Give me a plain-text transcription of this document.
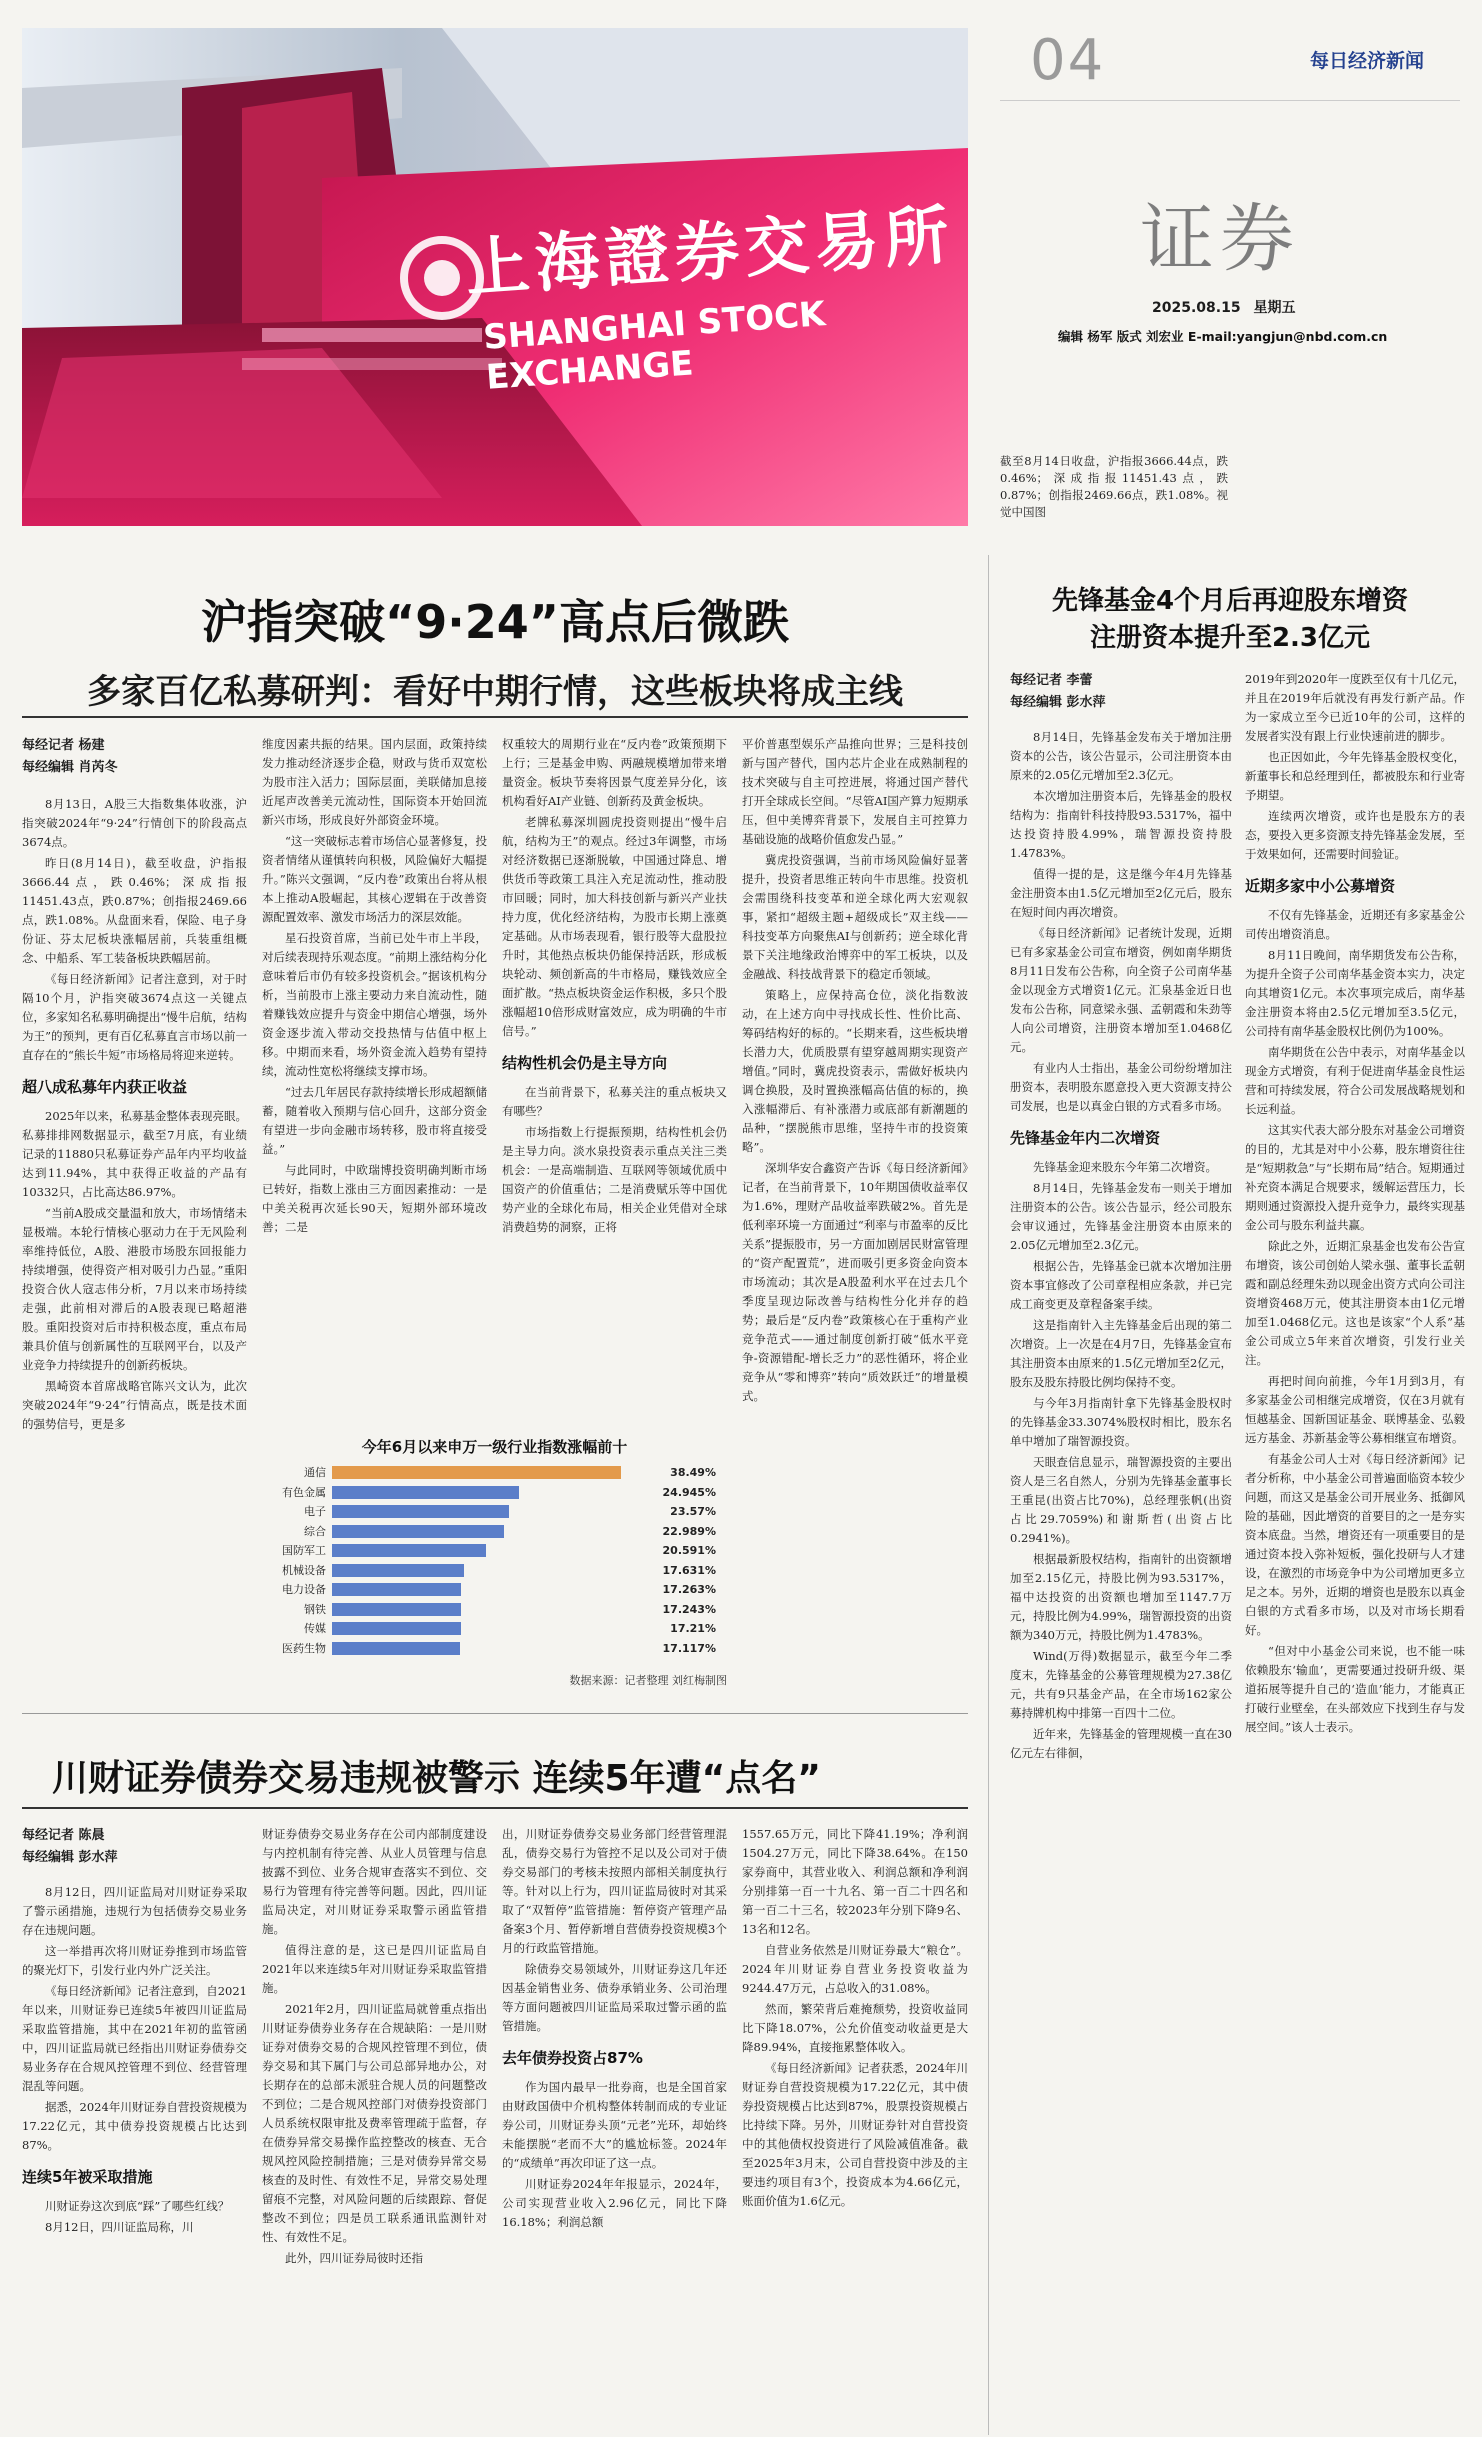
04	每日经济新闻
证券
2025.08.15 星期五
编辑 杨军 版式 刘宏业 E-mail:yangjun@nbd.com.cn
上海證券交易所
SHANGHAI STOCK EXCHANGE
截至8月14日收盘，沪指报3666.44点，跌0.46%；深成指报11451.43点，跌0.87%；创指报2469.66点，跌1.08%。视觉中国图
沪指突破“9·24”高点后微跌
多家百亿私募研判：看好中期行情，这些板块将成主线
每经记者 杨建
每经编辑 肖芮冬

8月13日，A股三大指数集体收涨，沪指突破2024年“9·24”行情创下的阶段高点3674点。

昨日(8月14日)，截至收盘，沪指报3666.44点，跌0.46%；深成指报11451.43点，跌0.87%；创指报2469.66点，跌1.08%。从盘面来看，保险、电子身份证、芬太尼板块涨幅居前，兵装重组概念、中船系、军工装备板块跌幅居前。

《每日经济新闻》记者注意到，对于时隔10个月，沪指突破3674点这一关键点位，多家知名私募明确提出“慢牛启航，结构为王”的预判，更有百亿私募直言市场以前一直存在的“熊长牛短”市场格局将迎来逆转。

超八成私募年内获正收益

2025年以来，私募基金整体表现亮眼。私募排排网数据显示，截至7月底，有业绩记录的11880只私募证券产品年内平均收益达到11.94%，其中获得正收益的产品有10332只，占比高达86.97%。

“当前A股成交量温和放大，市场情绪未显极端。本轮行情核心驱动力在于无风险利率维持低位，A股、港股市场股东回报能力持续增强，使得资产相对吸引力凸显。”重阳投资合伙人寇志伟分析，7月以来市场持续走强，此前相对滞后的A股表现已略超港股。重阳投资对后市持积极态度，重点布局兼具价值与创新属性的互联网平台，以及产业竞争力持续提升的创新药板块。

黑崎资本首席战略官陈兴文认为，此次突破2024年“9·24”行情高点，既是技术面的强势信号，更是多

维度因素共振的结果。国内层面，政策持续发力推动经济逐步企稳，财政与货币双宽松为股市注入活力；国际层面，美联储加息接近尾声改善美元流动性，国际资本开始回流新兴市场，形成良好外部资金环境。

“这一突破标志着市场信心显著修复，投资者情绪从谨慎转向积极，风险偏好大幅提升。”陈兴文强调，“反内卷”政策出台将从根本上推动A股崛起，其核心逻辑在于改善资源配置效率、激发市场活力的深层效能。

星石投资首席，当前已处牛市上半段，对后续表现持乐观态度。“前期上涨结构分化意味着后市仍有较多投资机会。”据该机构分析，当前股市上涨主要动力来自流动性，随着赚钱效应提升与资金中期信心增强，场外资金逐步流入带动交投热情与估值中枢上移。中期而来看，场外资金流入趋势有望持续，流动性宽松将继续支撑市场。

“过去几年居民存款持续增长形成超额储蓄，随着收入预期与信心回升，这部分资金有望进一步向金融市场转移，股市将直接受益。”

与此同时，中欧瑞博投资明确判断市场已转好，指数上涨由三方面因素推动：一是中美关税再次延长90天，短期外部环境改善；二是

权重较大的周期行业在“反内卷”政策预期下上行；三是基金申购、两融规模增加带来增量资金。板块节奏将因景气度差异分化，该机构看好AI产业链、创新药及黄金板块。

老牌私募深圳圆虎投资则提出“慢牛启航，结构为王”的观点。经过3年调整，市场对经济数据已逐渐脱敏，中国通过降息、增供货币等政策工具注入充足流动性，推动股市回暖；同时，加大科技创新与新兴产业扶持力度，优化经济结构，为股市长期上涨奠定基础。从市场表现看，银行股等大盘股拉升时，其他热点板块仍能保持活跃，形成板块轮动、频创新高的牛市格局，赚钱效应全面扩散。“热点板块资金运作积极，多只个股涨幅超10倍形成财富效应，成为明确的牛市信号。”

结构性机会仍是主导方向

在当前背景下，私募关注的重点板块又有哪些？

市场指数上行提振预期，结构性机会仍是主导力向。淡水泉投资表示重点关注三类机会：一是高端制造、互联网等领域优质中国资产的价值重估；二是消费赋乐等中国优势产业的全球化布局，相关企业凭借对全球消费趋势的洞察，正将

平价普惠型娱乐产品推向世界；三是科技创新与国产替代，国内芯片企业在成熟制程的技术突破与自主可控进展，将通过国产替代打开全球成长空间。“尽管AI国产算力短期承压，但中美博弈背景下，发展自主可控算力基础设施的战略价值愈发凸显。”

冀虎投资强调，当前市场风险偏好显著提升，投资者思维正转向牛市思维。投资机会需围绕科技变革和逆全球化两大宏观叙事，紧扣“超级主题+超级成长”双主线——科技变革方向聚焦AI与创新药；逆全球化背景下关注地缘政治博弈中的军工板块，以及金融战、科技战背景下的稳定币领域。

策略上，应保持高仓位，淡化指数波动，在上述方向中寻找成长性、性价比高、筹码结构好的标的。“长期来看，这些板块增长潜力大，优质股票有望穿越周期实现资产增值。”同时，冀虎投资表示，需做好板块内调仓换股，及时置换涨幅高估值的标的，换入涨幅滞后、有补涨潜力或底部有新潮题的品种，“摆脱熊市思维，坚持牛市的投资策略”。

深圳华安合鑫资产告诉《每日经济新闻》记者，在当前背景下，10年期国债收益率仅为1.6%，理财产品收益率跌破2%。首先是低利率环境一方面通过“利率与市盈率的反比关系”提振股市，另一方面加剧居民财富管理的“资产配置荒”，进而吸引更多资金向资本市场流动；其次是A股盈利水平在过去几个季度呈现边际改善与结构性分化并存的趋势；最后是“反内卷”政策核心在于重构产业竞争范式——通过制度创新打破“低水平竞争-资源错配-增长乏力”的恶性循环，将企业竞争从“零和博弈”转向“质效跃迁”的增量模式。

今年6月以来申万一级行业指数涨幅前十
通信	38.49%
有色金属	24.945%
电子	23.57%
综合	22.989%
国防军工	20.591%
机械设备	17.631%
电力设备	17.263%
钢铁	17.243%
传媒	17.21%
医药生物	17.117%
数据来源：记者整理 刘红梅制图
先锋基金4个月后再迎股东增资
注册资本提升至2.3亿元
每经记者 李蕾
每经编辑 彭水萍

8月14日，先锋基金发布关于增加注册资本的公告，该公告显示，公司注册资本由原来的2.05亿元增加至2.3亿元。

本次增加注册资本后，先锋基金的股权结构为：指南针科技持股93.5317%，福中达投资持股4.99%，瑞智源投资持股1.4783%。

值得一提的是，这是继今年4月先锋基金注册资本由1.5亿元增加至2亿元后，股东在短时间内再次增资。

《每日经济新闻》记者统计发现，近期已有多家基金公司宣布增资，例如南华期货8月11日发布公告称，向全资子公司南华基金以现金方式增资1亿元。汇泉基金近日也发布公告称，同意梁永强、孟朝霞和朱劲等人向公司增资，注册资本增加至1.0468亿元。

有业内人士指出，基金公司纷纷增加注册资本，表明股东愿意投入更大资源支持公司发展，也是以真金白银的方式看多市场。

先锋基金年内二次增资

先锋基金迎来股东今年第二次增资。

8月14日，先锋基金发布一则关于增加注册资本的公告。该公告显示，经公司股东会审议通过，先锋基金注册资本由原来的2.05亿元增加至2.3亿元。

根据公告，先锋基金已就本次增加注册资本事宜修改了公司章程相应条款，并已完成工商变更及章程备案手续。

这是指南针入主先锋基金后出现的第二次增资。上一次是在4月7日，先锋基金宣布其注册资本由原来的1.5亿元增加至2亿元，股东及股东持股比例均保持不变。

与今年3月指南针拿下先锋基金股权时的先锋基金33.3074%股权时相比，股东名单中增加了瑞智源投资。

天眼查信息显示，瑞智源投资的主要出资人是三名自然人，分别为先锋基金董事长王重昆(出资占比70%)，总经理张帆(出资占比29.7059%)和谢斯哲(出资占比0.2941%)。

根据最新股权结构，指南针的出资额增加至2.15亿元，持股比例为93.5317%，福中达投资的出资额也增加至1147.7万元，持股比例为4.99%，瑞智源投资的出资额为340万元，持股比例为1.4783%。

Wind(万得)数据显示，截至今年二季度末，先锋基金的公募管理规模为27.38亿元，共有9只基金产品，在全市场162家公募持牌机构中排第一百四十二位。

近年来，先锋基金的管理规模一直在30亿元左右徘徊，

2019年到2020年一度跌至仅有十几亿元，并且在2019年后就没有再发行新产品。作为一家成立至今已近10年的公司，这样的发展者实没有跟上行业快速前进的脚步。

也正因如此，今年先锋基金股权变化，新董事长和总经理到任，都被股东和行业寄予期望。

连续两次增资，或许也是股东方的表态，要投入更多资源支持先锋基金发展，至于效果如何，还需要时间验证。

近期多家中小公募增资

不仅有先锋基金，近期还有多家基金公司传出增资消息。

8月11日晚间，南华期货发布公告称，为提升全资子公司南华基金资本实力，决定向其增资1亿元。本次事项完成后，南华基金注册资本将由2.5亿元增加至3.5亿元，公司持有南华基金股权比例仍为100%。

南华期货在公告中表示，对南华基金以现金方式增资，有利于促进南华基金良性运营和可持续发展，符合公司发展战略规划和长远利益。

这其实代表大部分股东对基金公司增资的目的，尤其是对中小公募，股东增资往往是“短期救急”与“长期布局”结合。短期通过补充资本满足合规要求，缓解运营压力，长期则通过资源投入提升竞争力，最终实现基金公司与股东利益共赢。

除此之外，近期汇泉基金也发布公告宣布增资，该公司创始人梁永强、董事长孟朝霞和副总经理朱劲以现金出资方式向公司注资增资468万元，使其注册资本由1亿元增加至1.0468亿元。这也是该家“个人系”基金公司成立5年来首次增资，引发行业关注。

再把时间向前推，今年1月到3月，有多家基金公司相继完成增资，仅在3月就有恒越基金、国新国证基金、联博基金、弘毅远方基金、苏新基金等公募相继宣布增资。

有基金公司人士对《每日经济新闻》记者分析称，中小基金公司普遍面临资本较少问题，而这又是基金公司开展业务、抵御风险的基础，因此增资的首要目的之一是夯实资本底盘。当然，增资还有一项重要目的是通过资本投入弥补短板，强化投研与人才建设，在激烈的市场竞争中为公司增加更多立足之本。另外，近期的增资也是股东以真金白银的方式看多市场，以及对市场长期看好。

“但对中小基金公司来说，也不能一味依赖股东‘输血’，更需要通过投研升级、渠道拓展等提升自己的‘造血’能力，才能真正打破行业壁垒，在头部效应下找到生存与发展空间。”该人士表示。

川财证券债券交易违规被警示 连续5年遭“点名”
每经记者 陈晨
每经编辑 彭水萍

8月12日，四川证监局对川财证券采取了警示函措施，违规行为包括债券交易业务存在违规问题。

这一举措再次将川财证券推到市场监管的聚光灯下，引发行业内外广泛关注。

《每日经济新闻》记者注意到，自2021年以来，川财证券已连续5年被四川证监局采取监管措施，其中在2021年初的监管函中，四川证监局就已经指出川财证券债券交易业务存在合规风控管理不到位、经营管理混乱等问题。

据悉，2024年川财证券自营投资规模为17.22亿元，其中债券投资规模占比达到87%。

连续5年被采取措施

川财证券这次到底“踩”了哪些红线？

8月12日，四川证监局称，川

财证券债券交易业务存在公司内部制度建设与内控机制有待完善、从业人员管理与信息披露不到位、业务合规审查落实不到位、交易行为管理有待完善等问题。因此，四川证监局决定，对川财证券采取警示函监管措施。

值得注意的是，这已是四川证监局自2021年以来连续5年对川财证券采取监管措施。

2021年2月，四川证监局就曾重点指出川财证券债券业务存在合规缺陷：一是川财证券对债券交易的合规风控管理不到位，债券交易和其下属门与公司总部异地办公，对长期存在的总部未派驻合规人员的问题整改不到位；二是合规风控部门对债券投资部门人员系统权限审批及费率管理疏于监督，存在债券异常交易操作监控整改的核查、无合规风控风险控制措施；三是对债券异常交易核查的及时性、有效性不足，异常交易处理留痕不完整，对风险问题的后续跟踪、督促整改不到位；四是员工联系通讯监测针对性、有效性不足。

此外，四川证券局彼时还指

出，川财证券债券交易业务部门经营管理混乱，债券交易行为管控不足以及公司对于债券交易部门的考核未按照内部相关制度执行等。针对以上行为，四川证监局彼时对其采取了“双暂停”监管措施：暂停资产管理产品备案3个月、暂停新增自营债券投资规模3个月的行政监管措施。

除债券交易领域外，川财证券这几年还因基金销售业务、债券承销业务、公司治理等方面问题被四川证监局采取过警示函的监管措施。

去年债券投资占87%

作为国内最早一批券商，也是全国首家由财政国债中介机构整体转制而成的专业证券公司，川财证券头顶“元老”光环，却始终未能摆脱“老而不大”的尴尬标签。2024年的“成绩单”再次印证了这一点。

川财证券2024年年报显示，2024年，公司实现营业收入2.96亿元，同比下降16.18%；利润总额

1557.65万元，同比下降41.19%；净利润1504.27万元，同比下降38.64%。在150家券商中，其营业收入、利润总额和净利润分别排第一百一十九名、第一百二十四名和第一百二十三名，较2023年分别下降9名、13名和12名。

自营业务依然是川财证券最大“粮仓”。2024年川财证券自营业务投资收益为9244.47万元，占总收入的31.08%。

然而，繁荣背后难掩颓势，投资收益同比下降18.07%，公允价值变动收益更是大降89.94%，直接拖累整体收入。

《每日经济新闻》记者获悉，2024年川财证券自营投资规模为17.22亿元，其中债券投资规模占比达到87%，股票投资规模占比持续下降。另外，川财证券针对自营投资中的其他债权投资进行了风险减值准备。截至2025年3月末，公司自营投资中涉及的主要违约项目有3个，投资成本为4.66亿元，账面价值为1.6亿元。
